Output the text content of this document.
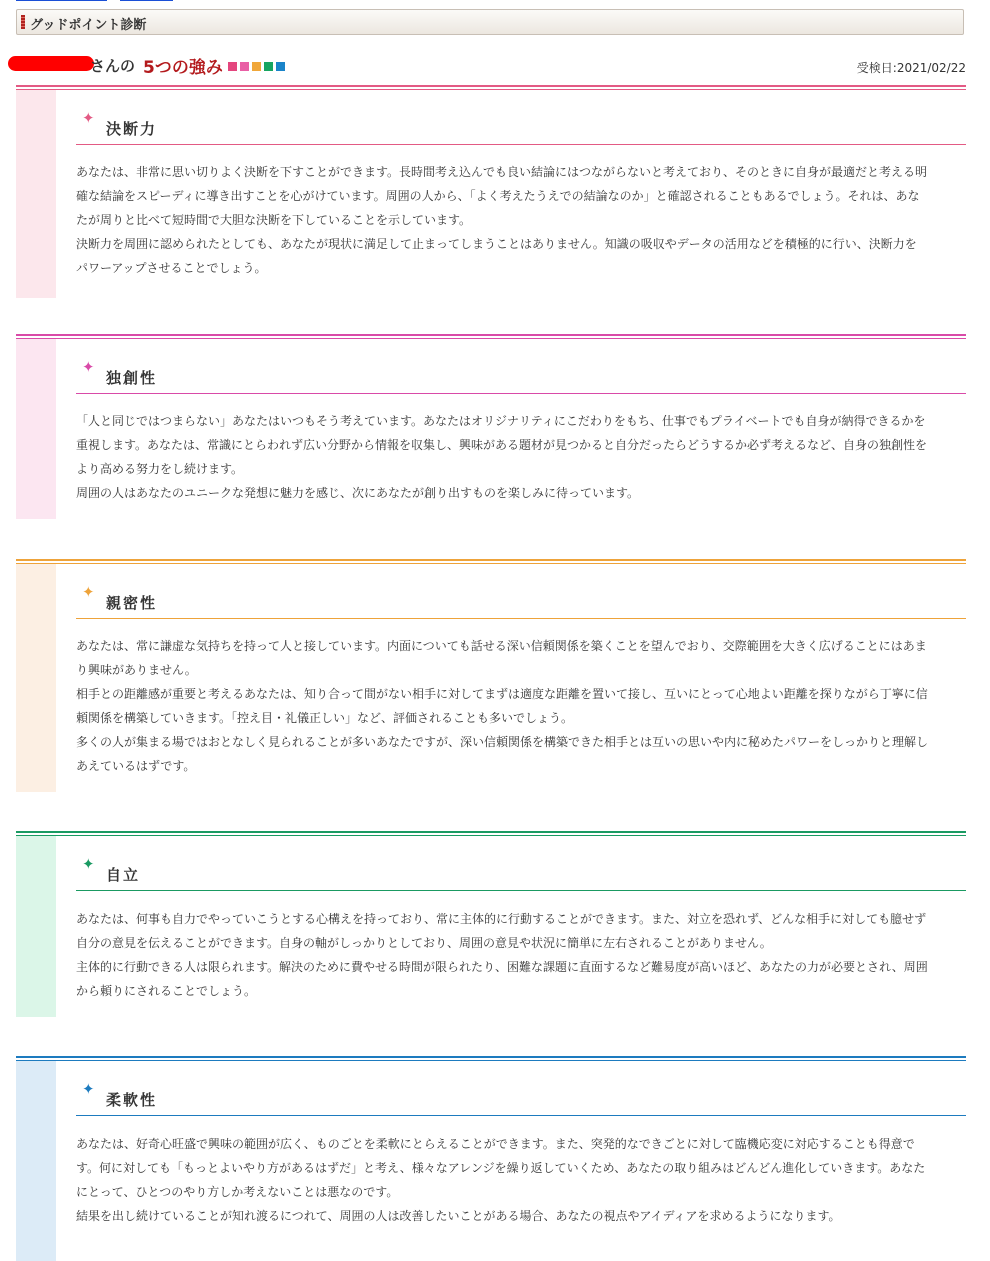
グッドポイント診断
さんの 5つの強み	受検日:2021/02/22
✦
決断力

あなたは、非常に思い切りよく決断を下すことができます。長時間考え込んでも良い結論にはつながらないと考えており、そのときに自身が最適だと考える明確な結論をスピーディに導き出すことを心がけています。周囲の人から、「よく考えたうえでの結論なのか」と確認されることもあるでしょう。それは、あなたが周りと比べて短時間で大胆な決断を下していることを示しています。

決断力を周囲に認められたとしても、あなたが現状に満足して止まってしまうことはありません。知識の吸収やデータの活用などを積極的に行い、決断力をパワーアップさせることでしょう。

✦
独創性

「人と同じではつまらない」あなたはいつもそう考えています。あなたはオリジナリティにこだわりをもち、仕事でもプライベートでも自身が納得できるかを重視します。あなたは、常識にとらわれず広い分野から情報を収集し、興味がある題材が見つかると自分だったらどうするか必ず考えるなど、自身の独創性をより高める努力をし続けます。

周囲の人はあなたのユニークな発想に魅力を感じ、次にあなたが創り出すものを楽しみに待っています。

✦
親密性

あなたは、常に謙虚な気持ちを持って人と接しています。内面についても話せる深い信頼関係を築くことを望んでおり、交際範囲を大きく広げることにはあまり興味がありません。

相手との距離感が重要と考えるあなたは、知り合って間がない相手に対してまずは適度な距離を置いて接し、互いにとって心地よい距離を探りながら丁寧に信頼関係を構築していきます。「控え目・礼儀正しい」など、評価されることも多いでしょう。

多くの人が集まる場ではおとなしく見られることが多いあなたですが、深い信頼関係を構築できた相手とは互いの思いや内に秘めたパワーをしっかりと理解しあえているはずです。

✦
自立

あなたは、何事も自力でやっていこうとする心構えを持っており、常に主体的に行動することができます。また、対立を恐れず、どんな相手に対しても臆せず自分の意見を伝えることができます。自身の軸がしっかりとしており、周囲の意見や状況に簡単に左右されることがありません。

主体的に行動できる人は限られます。解決のために費やせる時間が限られたり、困難な課題に直面するなど難易度が高いほど、あなたの力が必要とされ、周囲から頼りにされることでしょう。

✦
柔軟性

あなたは、好奇心旺盛で興味の範囲が広く、ものごとを柔軟にとらえることができます。また、突発的なできごとに対して臨機応変に対応することも得意です。何に対しても「もっとよいやり方があるはずだ」と考え、様々なアレンジを繰り返していくため、あなたの取り組みはどんどん進化していきます。あなたにとって、ひとつのやり方しか考えないことは悪なのです。

結果を出し続けていることが知れ渡るにつれて、周囲の人は改善したいことがある場合、あなたの視点やアイディアを求めるようになります。
